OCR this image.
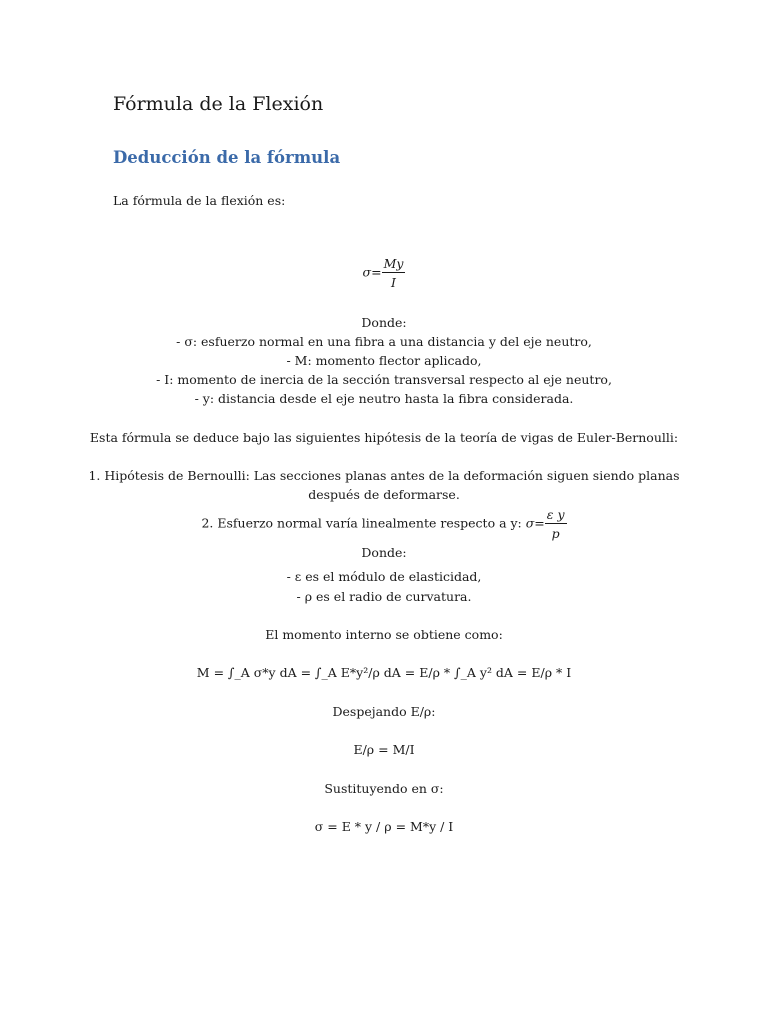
Fórmula de la Flexión
Deducción de la fórmula
La fórmula de la flexión es:
$\sigma= \frac{My}{I}$
Donde:
- σ: esfuerzo normal en una fibra a una distancia y del eje neutro,
- M: momento flector aplicado,
- I: momento de inercia de la sección transversal respecto al eje neutro,
- y: distancia desde el eje neutro hasta la fibra considerada.
Esta fórmula se deduce bajo las siguientes hipótesis de la teoría de vigas de Euler-Bernoulli:
1. Hipótesis de Bernoulli: Las secciones planas antes de la deformación siguen siendo planas
después de deformarse.
2. Esfuerzo normal varía linealmente respecto a y: $\sigma= \frac{\text{ε y}}{p}$
Donde:
- ε es el módulo de elasticidad,
- ρ es el radio de curvatura.
El momento interno se obtiene como:
M = ∫_A σ*y dA = ∫_A E*y²/ρ dA = E/ρ * ∫_A y² dA = E/ρ * I
Despejando E/ρ:
E/ρ = M/I
Sustituyendo en σ:
σ = E * y / ρ = M*y / I
